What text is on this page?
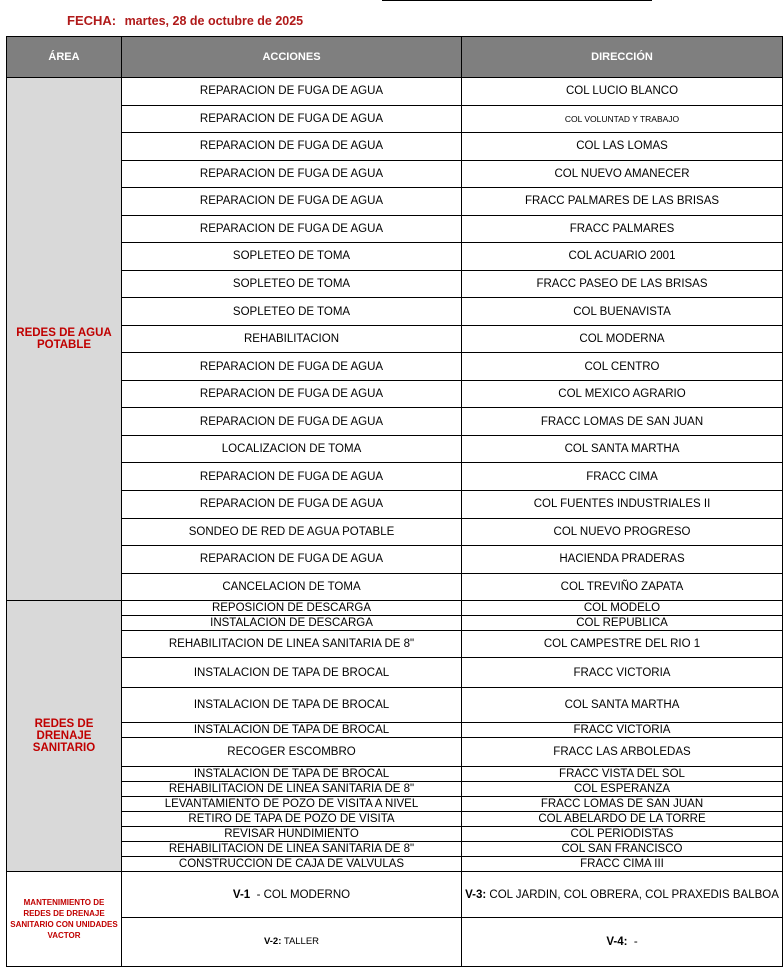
FECHA: martes, 28 de octubre de 2025
ÁREA	ACCIONES	DIRECCIÓN
REDES DE AGUA POTABLE	REPARACION DE FUGA DE AGUA	COL LUCIO BLANCO
	REPARACION DE FUGA DE AGUA	COL VOLUNTAD Y TRABAJO
	REPARACION DE FUGA DE AGUA	COL LAS LOMAS
	REPARACION DE FUGA DE AGUA	COL NUEVO AMANECER
	REPARACION DE FUGA DE AGUA	FRACC PALMARES DE LAS BRISAS
	REPARACION DE FUGA DE AGUA	FRACC PALMARES
	SOPLETEO DE TOMA	COL ACUARIO 2001
	SOPLETEO DE TOMA	FRACC PASEO DE LAS BRISAS
	SOPLETEO DE TOMA	COL BUENAVISTA
	REHABILITACION	COL MODERNA
	REPARACION DE FUGA DE AGUA	COL CENTRO
	REPARACION DE FUGA DE AGUA	COL MEXICO AGRARIO
	REPARACION DE FUGA DE AGUA	FRACC LOMAS DE SAN JUAN
	LOCALIZACION DE TOMA	COL SANTA MARTHA
	REPARACION DE FUGA DE AGUA	FRACC CIMA
	REPARACION DE FUGA DE AGUA	COL FUENTES INDUSTRIALES II
	SONDEO DE RED DE AGUA POTABLE	COL NUEVO PROGRESO
	REPARACION DE FUGA DE AGUA	HACIENDA PRADERAS
	CANCELACION DE TOMA	COL TREVIÑO ZAPATA
REDES DE DRENAJE SANITARIO	REPOSICION DE DESCARGA	COL MODELO
	INSTALACION DE DESCARGA	COL REPUBLICA
	REHABILITACION DE LINEA SANITARIA DE 8"	COL CAMPESTRE DEL RIO 1
	INSTALACION DE TAPA DE BROCAL	FRACC VICTORIA
	INSTALACION DE TAPA DE BROCAL	COL SANTA MARTHA
	INSTALACION DE TAPA DE BROCAL	FRACC VICTORIA
	RECOGER ESCOMBRO	FRACC LAS ARBOLEDAS
	INSTALACION DE TAPA DE BROCAL	FRACC VISTA DEL SOL
	REHABILITACION DE LINEA SANITARIA DE 8"	COL ESPERANZA
	LEVANTAMIENTO DE POZO DE VISITA A NIVEL	FRACC LOMAS DE SAN JUAN
	RETIRO DE TAPA DE POZO DE VISITA	COL ABELARDO DE LA TORRE
	REVISAR HUNDIMIENTO	COL PERIODISTAS
	REHABILITACION DE LINEA SANITARIA DE 8"	COL SAN FRANCISCO
	CONSTRUCCION DE CAJA DE VALVULAS	FRACC CIMA III
MANTENIMIENTO DE REDES DE DRENAJE SANITARIO CON UNIDADES VACTOR	V-1 - COL MODERNO	V-3: COL JARDIN, COL OBRERA, COL PRAXEDIS BALBOA
	V-2: TALLER	V-4: -
